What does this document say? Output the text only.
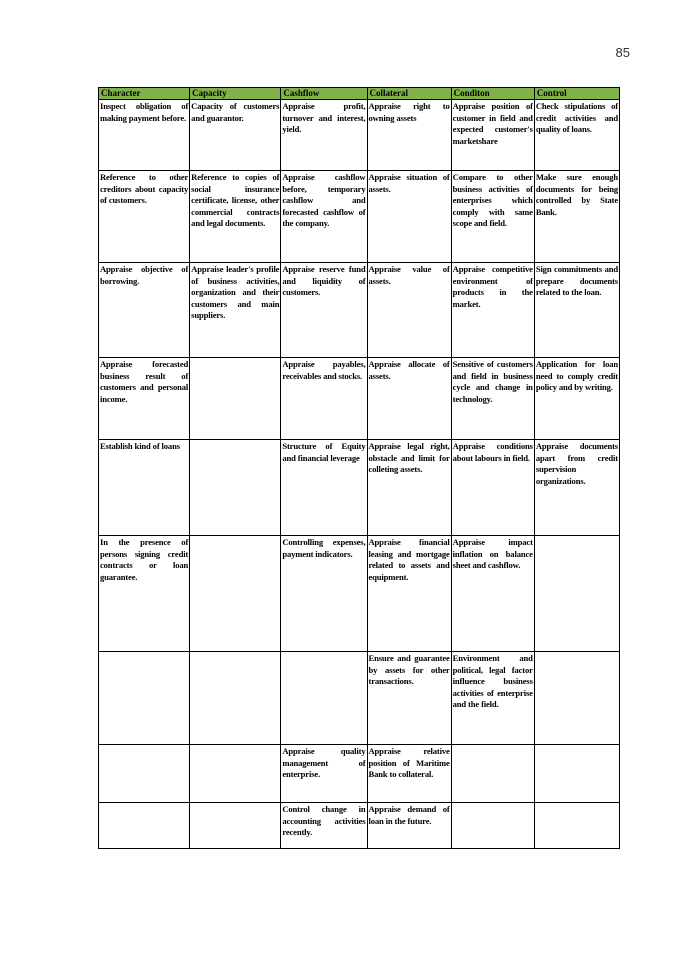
85
Character	Capacity	Cashflow	Collateral	Conditon	Control
Inspect obligation of making payment before.	Capacity of customers and guarantor.	Appraise profit, turnover and interest, yield.	Appraise right to owning assets	Appraise position of customer in field and expected customer's marketshare	Check stipulations of credit activities and quality of loans.
Reference to other creditors about capacity of customers.	Reference to copies of social insurance certificate, license, other commercial contracts and legal documents.	Appraise cashflow before, temporary cashflow and forecasted cashflow of the company.	Appraise situation of assets.	Compare to other business activities of enterprises which comply with same scope and field.	Make sure enough documents for being controlled by State Bank.
Appraise objective of borrowing.	Appraise leader's profile of business activities, organization and their customers and main suppliers.	Appraise reserve fund and liquidity of customers.	Appraise value of assets.	Appraise competitive environment of products in the market.	Sign commitments and prepare documents related to the loan.
Appraise forecasted business result of customers and personal income.		Appraise payables, receivables and stocks.	Appraise allocate of assets.	Sensitive of customers and field in business cycle and change in technology.	Application for loan need to comply credit policy and by writing.
Establish kind of loans		Structure of Equity and financial leverage	Appraise legal right, obstacle and limit for colleting assets.	Appraise conditions about labours in field.	Appraise documents apart from credit supervision organizations.
In the presence of persons signing credit contracts or loan guarantee.		Controlling expenses, payment indicators.	Appraise financial leasing and mortgage related to assets and equipment.	Appraise impact inflation on balance sheet and cashflow.	
			Ensure and guarantee by assets for other transactions.	Environment and political, legal factor influence business activities of enterprise and the field.	
		Appraise quality management of enterprise.	Appraise relative position of Maritime Bank to collateral.		
		Control change in accounting activities recently.	Appraise demand of loan in the future.		
